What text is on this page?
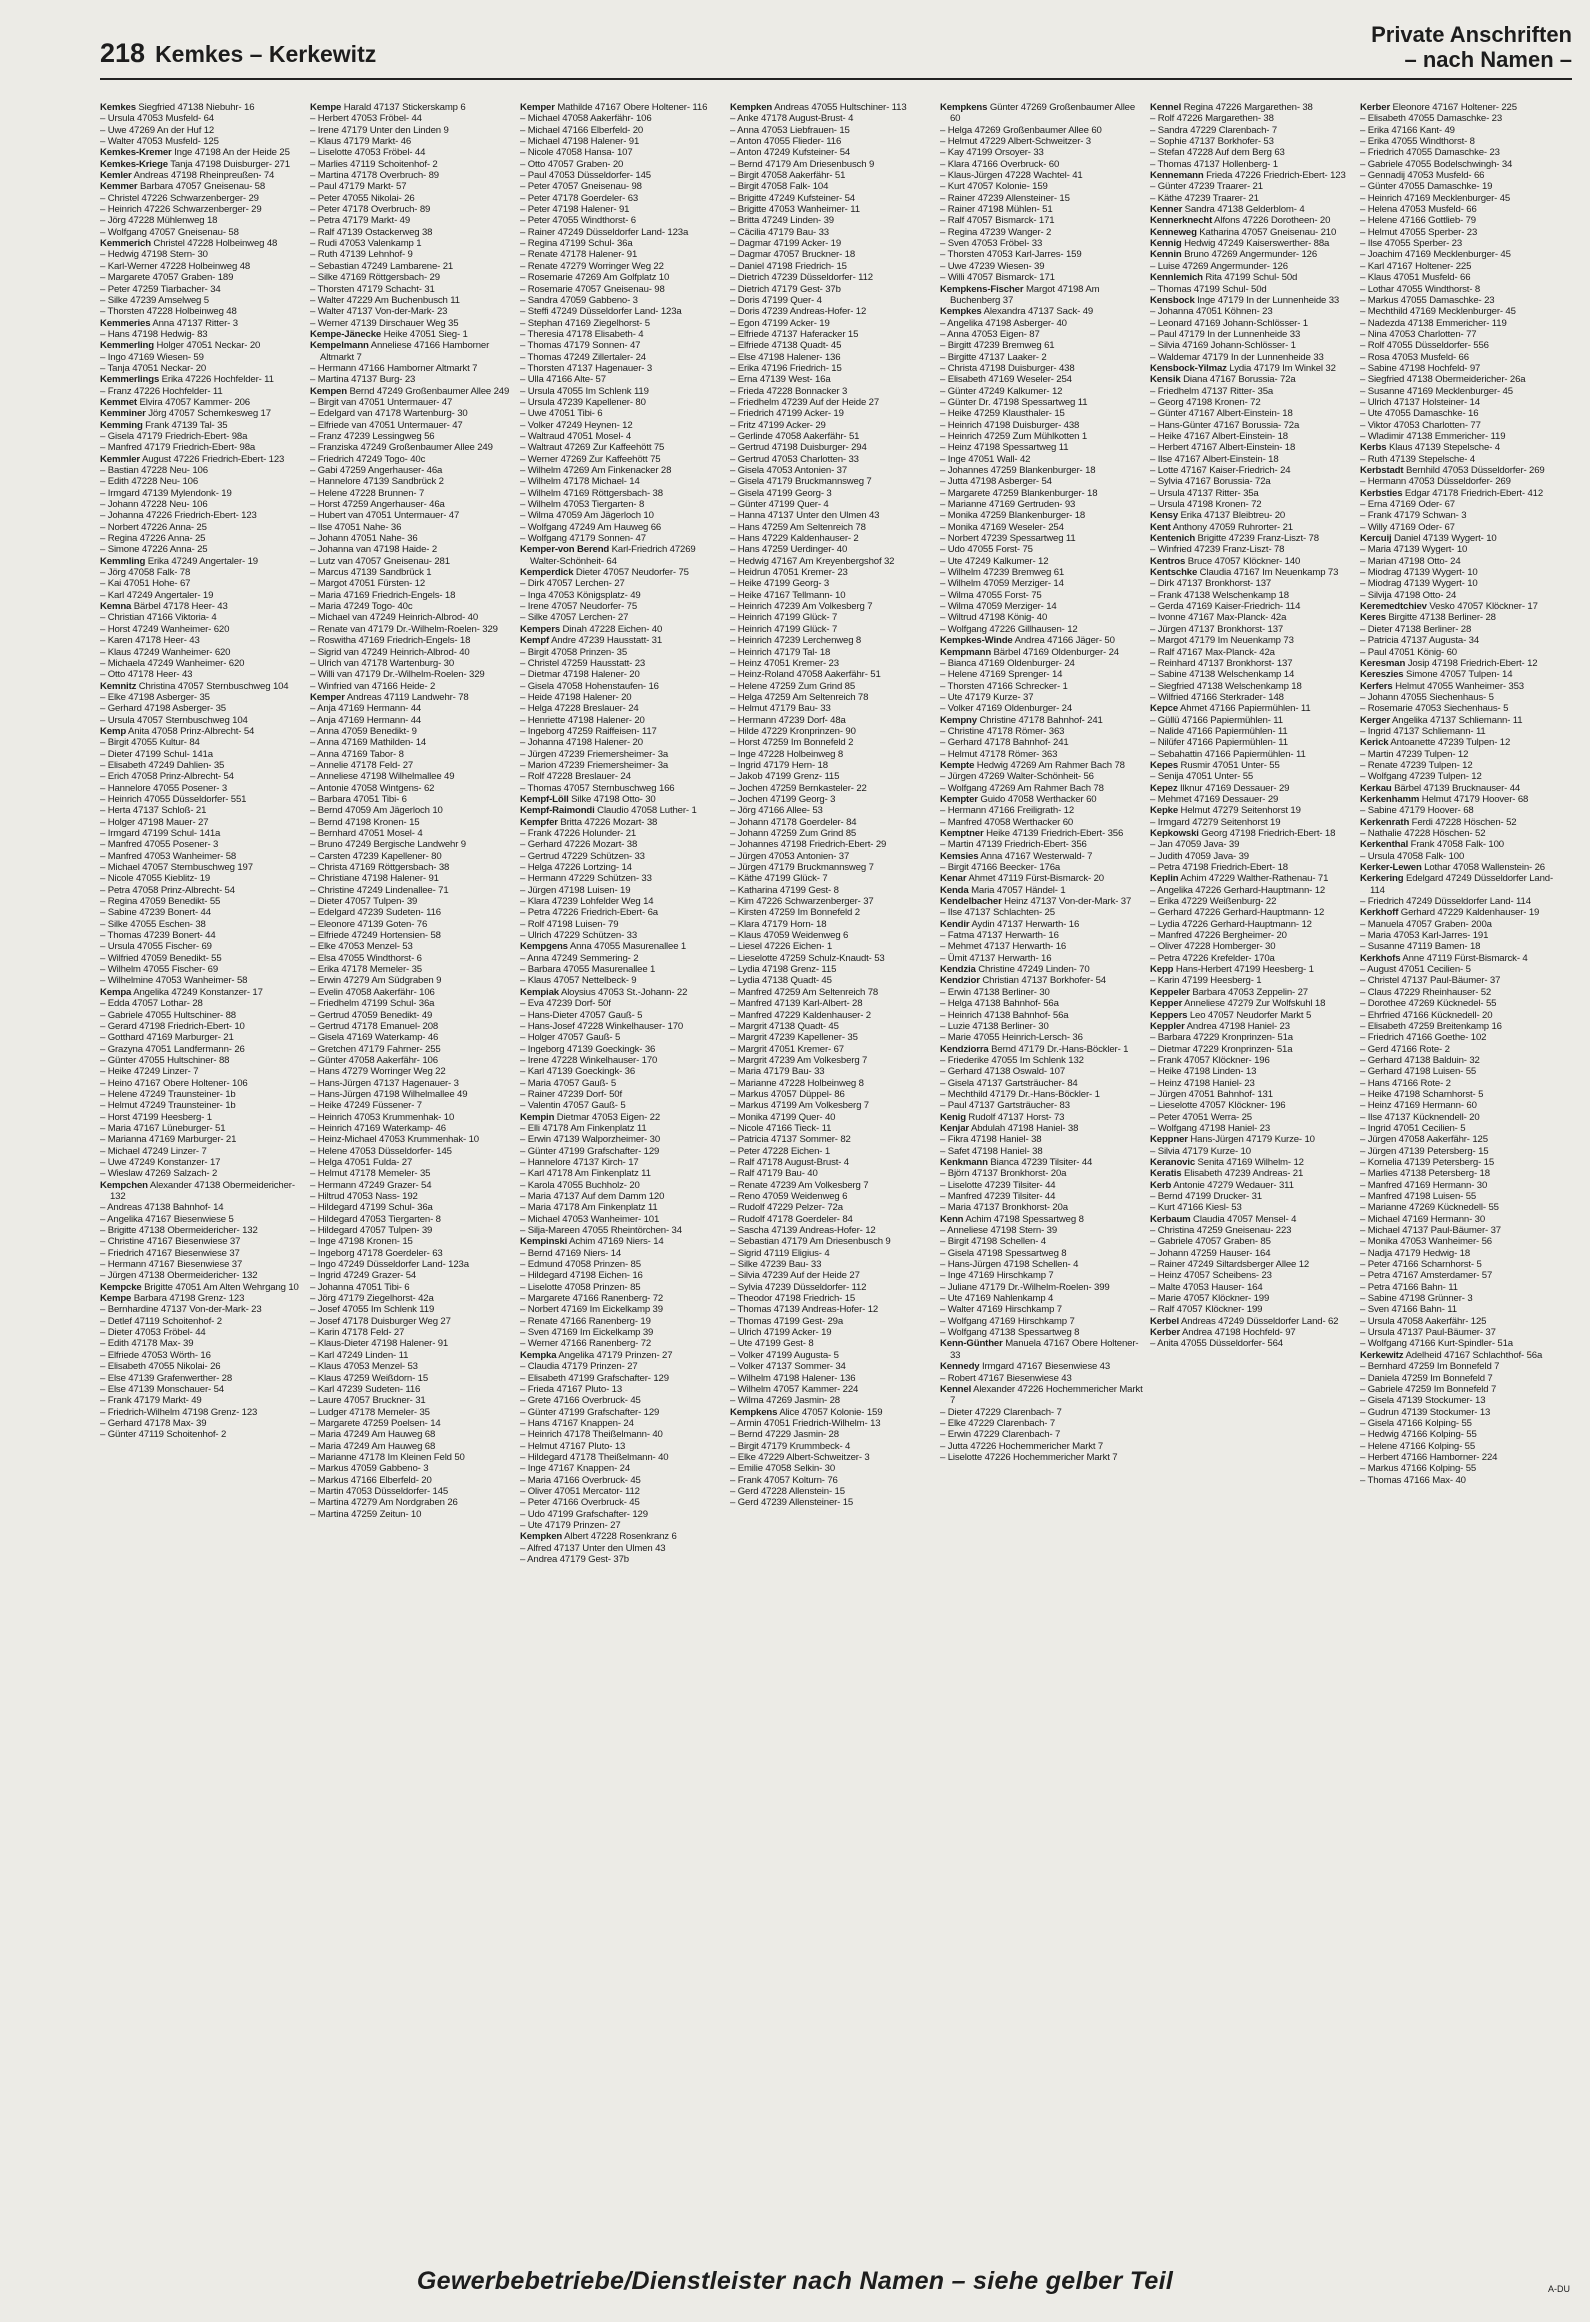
218 Kemkes – Kerkewitz
Private Anschriften
– nach Namen –

Kemkes Siegfried 47138 Niebuhr- 16

– Ursula 47053 Musfeld- 64

– Uwe 47269 An der Huf 12

– Walter 47053 Musfeld- 125

Kemkes-Kremer Inge 47198 An der Heide 25

Kemkes-Kriege Tanja 47198 Duisburger- 271

Kemler Andreas 47198 Rheinpreußen- 74

Kemmer Barbara 47057 Gneisenau- 58

– Christel 47226 Schwarzenberger- 29

– Heinrich 47226 Schwarzenberger- 29

– Jörg 47228 Mühlenweg 18

– Wolfgang 47057 Gneisenau- 58

Kemmerich Christel 47228 Holbeinweg 48

– Hedwig 47198 Stern- 30

– Karl-Werner 47228 Holbeinweg 48

– Margarete 47057 Graben- 189

– Peter 47259 Tiarbacher- 34

– Silke 47239 Amselweg 5

– Thorsten 47228 Holbeinweg 48

Kemmeries Anna 47137 Ritter- 3

– Hans 47198 Hedwig- 83

Kemmerling Holger 47051 Neckar- 20

– Ingo 47169 Wiesen- 59

– Tanja 47051 Neckar- 20

Kemmerlings Erika 47226 Hochfelder- 11

– Franz 47226 Hochfelder- 11

Kemmet Elvira 47057 Kammer- 206

Kemminer Jörg 47057 Schemkesweg 17

Kemming Frank 47139 Tal- 35

– Gisela 47179 Friedrich-Ebert- 98a

– Manfred 47179 Friedrich-Ebert- 98a

Kemmler August 47226 Friedrich-Ebert- 123

– Bastian 47228 Neu- 106

– Edith 47228 Neu- 106

– Irmgard 47139 Mylendonk- 19

– Johann 47228 Neu- 106

– Johanna 47226 Friedrich-Ebert- 123

– Norbert 47226 Anna- 25

– Regina 47226 Anna- 25

– Simone 47226 Anna- 25

Kemmling Erika 47249 Angertaler- 19

– Jörg 47058 Falk- 78

– Kai 47051 Hohe- 67

– Karl 47249 Angertaler- 19

Kemna Bärbel 47178 Heer- 43

– Christian 47166 Viktoria- 4

– Horst 47249 Wanheimer- 620

– Karen 47178 Heer- 43

– Klaus 47249 Wanheimer- 620

– Michaela 47249 Wanheimer- 620

– Otto 47178 Heer- 43

Kemnitz Christina 47057 Sternbuschweg 104

– Elke 47198 Asberger- 35

– Gerhard 47198 Asberger- 35

– Ursula 47057 Sternbuschweg 104

Kemp Anita 47058 Prinz-Albrecht- 54

– Birgit 47055 Kultur- 84

– Dieter 47199 Schul- 141a

– Elisabeth 47249 Dahlien- 35

– Erich 47058 Prinz-Albrecht- 54

– Hannelore 47055 Posener- 3

– Heinrich 47055 Düsseldorfer- 551

– Herta 47137 Schloß- 21

– Holger 47198 Mauer- 27

– Irmgard 47199 Schul- 141a

– Manfred 47055 Posener- 3

– Manfred 47053 Wanheimer- 58

– Michael 47057 Sternbuschweg 197

– Nicole 47055 Kieblitz- 19

– Petra 47058 Prinz-Albrecht- 54

– Regina 47059 Benedikt- 55

– Sabine 47239 Bonert- 44

– Silke 47055 Eschen- 38

– Thomas 47239 Bonert- 44

– Ursula 47055 Fischer- 69

– Wilfried 47059 Benedikt- 55

– Wilhelm 47055 Fischer- 69

– Wilhelmine 47053 Wanheimer- 58

Kempa Angelika 47249 Konstanzer- 17

– Edda 47057 Lothar- 28

– Gabriele 47055 Hultschiner- 88

– Gerard 47198 Friedrich-Ebert- 10

– Gotthard 47169 Marburger- 21

– Grazyna 47051 Landfermann- 26

– Günter 47055 Hultschiner- 88

– Heike 47249 Linzer- 7

– Heino 47167 Obere Holtener- 106

– Helene 47249 Traunsteiner- 1b

– Helmut 47249 Traunsteiner- 1b

– Horst 47199 Heesberg- 1

– Maria 47167 Lüneburger- 51

– Marianna 47169 Marburger- 21

– Michael 47249 Linzer- 7

– Uwe 47249 Konstanzer- 17

– Wieslaw 47269 Salzach- 2

Kempchen Alexander 47138 Obermeidericher- 132

– Andreas 47138 Bahnhof- 14

– Angelika 47167 Biesenwiese 5

– Brigitte 47138 Obermeidericher- 132

– Christine 47167 Biesenwiese 37

– Friedrich 47167 Biesenwiese 37

– Hermann 47167 Biesenwiese 37

– Jürgen 47138 Obermeidericher- 132

Kempcke Brigitte 47051 Am Alten Wehrgang 10

Kempe Barbara 47198 Grenz- 123

– Bernhardine 47137 Von-der-Mark- 23

– Detlef 47119 Schoitenhof- 2

– Dieter 47053 Fröbel- 44

– Edith 47178 Max- 39

– Elfriede 47053 Wörth- 16

– Elisabeth 47055 Nikolai- 26

– Else 47139 Grafenwerther- 28

– Else 47139 Monschauer- 54

– Frank 47179 Markt- 49

– Friedrich-Wilhelm 47198 Grenz- 123

– Gerhard 47178 Max- 39

– Günter 47119 Schoitenhof- 2

Kempe Harald 47137 Stickerskamp 6

– Herbert 47053 Fröbel- 44

– Irene 47179 Unter den Linden 9

– Klaus 47179 Markt- 46

– Liselotte 47053 Fröbel- 44

– Marlies 47119 Schoitenhof- 2

– Martina 47178 Overbruch- 89

– Paul 47179 Markt- 57

– Peter 47055 Nikolai- 26

– Peter 47178 Overbruch- 89

– Petra 47179 Markt- 49

– Ralf 47139 Ostackerweg 38

– Rudi 47053 Valenkamp 1

– Ruth 47139 Lehnhof- 9

– Sebastian 47249 Lambarene- 21

– Silke 47169 Röttgersbach- 29

– Thorsten 47179 Schacht- 31

– Walter 47229 Am Buchenbusch 11

– Walter 47137 Von-der-Mark- 23

– Werner 47139 Dirschauer Weg 35

Kempe-Jänecke Heike 47051 Sieg- 1

Kempelmann Anneliese 47166 Hamborner Altmarkt 7

– Hermann 47166 Hamborner Altmarkt 7

– Martina 47137 Burg- 23

Kempen Bernd 47249 Großenbaumer Allee 249

– Birgit van 47051 Untermauer- 47

– Edelgard van 47178 Wartenburg- 30

– Elfriede van 47051 Untermauer- 47

– Franz 47239 Lessingweg 56

– Franziska 47249 Großenbaumer Allee 249

– Friedrich 47249 Togo- 40c

– Gabi 47259 Angerhauser- 46a

– Hannelore 47139 Sandbrück 2

– Helene 47228 Brunnen- 7

– Horst 47259 Angerhauser- 46a

– Hubert van 47051 Untermauer- 47

– Ilse 47051 Nahe- 36

– Johann 47051 Nahe- 36

– Johanna van 47198 Haide- 2

– Lutz van 47057 Gneisenau- 281

– Marcus 47139 Sandbrück 1

– Margot 47051 Fürsten- 12

– Maria 47169 Friedrich-Engels- 18

– Maria 47249 Togo- 40c

– Michael van 47249 Heinrich-Albrod- 40

– Renate van 47179 Dr.-Wilhelm-Roelen- 329

– Roswitha 47169 Friedrich-Engels- 18

– Sigrid van 47249 Heinrich-Albrod- 40

– Ulrich van 47178 Wartenburg- 30

– Willi van 47179 Dr.-Wilhelm-Roelen- 329

– Winfried van 47166 Heide- 2

Kemper Andreas 47119 Landwehr- 78

– Anja 47169 Hermann- 44

– Anja 47169 Hermann- 44

– Anna 47059 Benedikt- 9

– Anna 47169 Mathilden- 14

– Anna 47169 Tabor- 8

– Annelie 47178 Feld- 27

– Anneliese 47198 Wilhelmallee 49

– Antonie 47058 Wintgens- 62

– Barbara 47051 Tibi- 6

– Bernd 47059 Am Jägerloch 10

– Bernd 47198 Kronen- 15

– Bernhard 47051 Mosel- 4

– Bruno 47249 Bergische Landwehr 9

– Carsten 47239 Kapellener- 80

– Christa 47169 Röttgersbach- 38

– Christiane 47198 Halener- 91

– Christine 47249 Lindenallee- 71

– Dieter 47057 Tulpen- 39

– Edelgard 47239 Sudeten- 116

– Eleonore 47139 Goten- 76

– Elfriede 47249 Hortensien- 58

– Elke 47053 Menzel- 53

– Elsa 47055 Windthorst- 6

– Erika 47178 Memeler- 35

– Erwin 47279 Am Südgraben 9

– Evelin 47058 Aakerfähr- 106

– Friedhelm 47199 Schul- 36a

– Gertrud 47059 Benedikt- 49

– Gertrud 47178 Emanuel- 208

– Gisela 47169 Waterkamp- 46

– Gretchen 47179 Fahrner- 255

– Günter 47058 Aakerfähr- 106

– Hans 47279 Worringer Weg 22

– Hans-Jürgen 47137 Hagenauer- 3

– Hans-Jürgen 47198 Wilhelmallee 49

– Heike 47249 Füssener- 7

– Heinrich 47053 Krummenhak- 10

– Heinrich 47169 Waterkamp- 46

– Heinz-Michael 47053 Krummenhak- 10

– Helene 47053 Düsseldorfer- 145

– Helga 47051 Fulda- 27

– Helmut 47178 Memeler- 35

– Hermann 47249 Grazer- 54

– Hiltrud 47053 Nass- 192

– Hildegard 47199 Schul- 36a

– Hildegard 47053 Tiergarten- 8

– Hildegard 47057 Tulpen- 39

– Inge 47198 Kronen- 15

– Ingeborg 47178 Goerdeler- 63

– Ingo 47249 Düsseldorfer Land- 123a

– Ingrid 47249 Grazer- 54

– Johanna 47051 Tibi- 6

– Jörg 47179 Ziegelhorst- 42a

– Josef 47055 Im Schlenk 119

– Josef 47178 Duisburger Weg 27

– Karin 47178 Feld- 27

– Klaus-Dieter 47198 Halener- 91

– Karl 47249 Linden- 11

– Klaus 47053 Menzel- 53

– Klaus 47259 Weißdorn- 15

– Karl 47239 Sudeten- 116

– Laure 47057 Bruckner- 31

– Ludger 47178 Memeler- 35

– Margarete 47259 Poelsen- 14

– Maria 47249 Am Hauweg 68

– Maria 47249 Am Hauweg 68

– Marianne 47178 Im Kleinen Feld 50

– Markus 47059 Gabbeno- 3

– Markus 47166 Elberfeld- 20

– Martin 47053 Düsseldorfer- 145

– Martina 47279 Am Nordgraben 26

– Martina 47259 Zeitun- 10

Kemper Mathilde 47167 Obere Holtener- 116

– Michael 47058 Aakerfähr- 106

– Michael 47166 Elberfeld- 20

– Michael 47198 Halener- 91

– Nicole 47058 Hansa- 107

– Otto 47057 Graben- 20

– Paul 47053 Düsseldorfer- 145

– Peter 47057 Gneisenau- 98

– Peter 47178 Goerdeler- 63

– Peter 47198 Halener- 91

– Peter 47055 Windthorst- 6

– Rainer 47249 Düsseldorfer Land- 123a

– Regina 47199 Schul- 36a

– Renate 47178 Halener- 91

– Renate 47279 Worringer Weg 22

– Rosemarie 47269 Am Golfplatz 10

– Rosemarie 47057 Gneisenau- 98

– Sandra 47059 Gabbeno- 3

– Steffi 47249 Düsseldorfer Land- 123a

– Stephan 47169 Ziegelhorst- 5

– Theresia 47178 Elisabeth- 4

– Thomas 47179 Sonnen- 47

– Thomas 47249 Zillertaler- 24

– Thorsten 47137 Hagenauer- 3

– Ulla 47166 Alte- 57

– Ursula 47055 Im Schlenk 119

– Ursula 47239 Kapellener- 80

– Uwe 47051 Tibi- 6

– Volker 47249 Heynen- 12

– Waltraud 47051 Mosel- 4

– Waltraut 47269 Zur Kaffeehött 75

– Werner 47269 Zur Kaffeehött 75

– Wilhelm 47269 Am Finkenacker 28

– Wilhelm 47178 Michael- 14

– Wilhelm 47169 Röttgersbach- 38

– Wilhelm 47053 Tiergarten- 8

– Wilma 47059 Am Jägerloch 10

– Wolfgang 47249 Am Hauweg 66

– Wolfgang 47179 Sonnen- 47

Kemper-von Berend Karl-Friedrich 47269 Walter-Schönheit- 64

Kemperdick Dieter 47057 Neudorfer- 75

– Dirk 47057 Lerchen- 27

– Inga 47053 Königsplatz- 49

– Irene 47057 Neudorfer- 75

– Silke 47057 Lerchen- 27

Kempers Dinah 47228 Eichen- 40

Kempf Andre 47239 Hausstatt- 31

– Birgit 47058 Prinzen- 35

– Christel 47259 Hausstatt- 23

– Dietmar 47198 Halener- 20

– Gisela 47058 Hohenstaufen- 16

– Heide 47198 Halener- 20

– Helga 47228 Breslauer- 24

– Henriette 47198 Halener- 20

– Ingeborg 47259 Raiffeisen- 117

– Johanna 47198 Halener- 20

– Jürgen 47239 Friemersheimer- 3a

– Marion 47239 Friemersheimer- 3a

– Rolf 47228 Breslauer- 24

– Thomas 47057 Sternbuschweg 166

Kempf-Löll Silke 47198 Otto- 30

Kempf-Raimondi Claudio 47058 Luther- 1

Kempfer Britta 47226 Mozart- 38

– Frank 47226 Holunder- 21

– Gerhard 47226 Mozart- 38

– Gertrud 47229 Schützen- 33

– Helga 47226 Lortzing- 14

– Hermann 47229 Schützen- 33

– Jürgen 47198 Luisen- 19

– Klara 47239 Lohfelder Weg 14

– Petra 47226 Friedrich-Ebert- 6a

– Rolf 47198 Luisen- 79

– Ulrich 47229 Schützen- 33

Kempgens Anna 47055 Masurenallee 1

– Anna 47249 Semmering- 2

– Barbara 47055 Masurenallee 1

– Klaus 47057 Nettelbeck- 9

Kempiak Aloysius 47053 St.-Johann- 22

– Eva 47239 Dorf- 50f

– Hans-Dieter 47057 Gauß- 5

– Hans-Josef 47228 Winkelhauser- 170

– Holger 47057 Gauß- 5

– Ingeborg 47139 Goeckingk- 36

– Irene 47228 Winkelhauser- 170

– Karl 47139 Goeckingk- 36

– Maria 47057 Gauß- 5

– Rainer 47239 Dorf- 50f

– Valentin 47057 Gauß- 5

Kempin Dietmar 47053 Eigen- 22

– Elli 47178 Am Finkenplatz 11

– Erwin 47139 Walporzheimer- 30

– Günter 47199 Grafschafter- 129

– Hannelore 47137 Kirch- 17

– Karl 47178 Am Finkenplatz 11

– Karola 47055 Buchholz- 20

– Maria 47137 Auf dem Damm 120

– Maria 47178 Am Finkenplatz 11

– Michael 47053 Wanheimer- 101

– Silja-Mareen 47055 Rheintörchen- 34

Kempinski Achim 47169 Niers- 14

– Bernd 47169 Niers- 14

– Edmund 47058 Prinzen- 85

– Hildegard 47198 Eichen- 16

– Liselotte 47058 Prinzen- 85

– Margarete 47166 Ranenberg- 72

– Norbert 47169 Im Eickelkamp 39

– Renate 47166 Ranenberg- 19

– Sven 47169 Im Eickelkamp 39

– Werner 47166 Ranenberg- 72

Kempka Angelika 47179 Prinzen- 27

– Claudia 47179 Prinzen- 27

– Elisabeth 47199 Grafschafter- 129

– Frieda 47167 Pluto- 13

– Grete 47166 Overbruck- 45

– Günter 47199 Grafschafter- 129

– Hans 47167 Knappen- 24

– Heinrich 47178 Theißelmann- 40

– Helmut 47167 Pluto- 13

– Hildegard 47178 Theißelmann- 40

– Inge 47167 Knappen- 24

– Maria 47166 Overbruck- 45

– Oliver 47051 Mercator- 112

– Peter 47166 Overbruck- 45

– Udo 47199 Grafschafter- 129

– Ute 47179 Prinzen- 27

Kempken Albert 47228 Rosenkranz 6

– Alfred 47137 Unter den Ulmen 43

– Andrea 47179 Gest- 37b

Kempken Andreas 47055 Hultschiner- 113

– Anke 47178 August-Brust- 4

– Anna 47053 Liebfrauen- 15

– Anton 47055 Flieder- 116

– Anton 47249 Kufsteiner- 54

– Bernd 47179 Am Driesenbusch 9

– Birgit 47058 Aakerfähr- 51

– Birgit 47058 Falk- 104

– Brigitte 47249 Kufsteiner- 54

– Brigitte 47053 Wanheimer- 11

– Britta 47249 Linden- 39

– Cäcilia 47179 Bau- 33

– Dagmar 47199 Acker- 19

– Dagmar 47057 Bruckner- 18

– Daniel 47198 Friedrich- 15

– Dietrich 47239 Düsseldorfer- 112

– Dietrich 47179 Gest- 37b

– Doris 47199 Quer- 4

– Doris 47239 Andreas-Hofer- 12

– Egon 47199 Acker- 19

– Elfriede 47137 Haferacker 15

– Elfriede 47138 Quadt- 45

– Else 47198 Halener- 136

– Erika 47196 Friedrich- 15

– Erna 47139 West- 16a

– Frieda 47228 Bonnacker 3

– Friedhelm 47239 Auf der Heide 27

– Friedrich 47199 Acker- 19

– Fritz 47199 Acker- 29

– Gerlinde 47058 Aakerfähr- 51

– Gertrud 47198 Duisburger- 294

– Gertrud 47053 Charlotten- 33

– Gisela 47053 Antonien- 37

– Gisela 47179 Bruckmannsweg 7

– Gisela 47199 Georg- 3

– Günter 47199 Quer- 4

– Hanna 47137 Unter den Ulmen 43

– Hans 47259 Am Seltenreich 78

– Hans 47229 Kaldenhauser- 2

– Hans 47259 Uerdinger- 40

– Hedwig 47167 Am Kreyenbergshof 32

– Heidrun 47051 Kremer- 23

– Heike 47199 Georg- 3

– Heike 47167 Tellmann- 10

– Heinrich 47239 Am Volkesberg 7

– Heinrich 47199 Glück- 7

– Heinrich 47199 Glück- 7

– Heinrich 47239 Lerchenweg 8

– Heinrich 47179 Tal- 18

– Heinz 47051 Kremer- 23

– Heinz-Roland 47058 Aakerfähr- 51

– Helene 47259 Zum Grind 85

– Helga 47259 Am Seltenreich 78

– Helmut 47179 Bau- 33

– Hermann 47239 Dorf- 48a

– Hilde 47229 Kronprinzen- 90

– Horst 47259 Im Bonnefeld 2

– Inge 47228 Holbeinweg 8

– Ingrid 47179 Hern- 18

– Jakob 47199 Grenz- 115

– Jochen 47259 Bernkasteler- 22

– Jochen 47199 Georg- 3

– Jörg 47166 Allee- 53

– Johann 47178 Goerdeler- 84

– Johann 47259 Zum Grind 85

– Johannes 47198 Friedrich-Ebert- 29

– Jürgen 47053 Antonien- 37

– Jürgen 47179 Bruckmannsweg 7

– Käthe 47199 Glück- 7

– Katharina 47199 Gest- 8

– Kim 47226 Schwarzenberger- 37

– Kirsten 47259 Im Bonnefeld 2

– Klara 47179 Horn- 18

– Klaus 47059 Weidenweg 6

– Liesel 47226 Eichen- 1

– Lieselotte 47259 Schulz-Knaudt- 53

– Lydia 47198 Grenz- 115

– Lydia 47138 Quadt- 45

– Manfred 47259 Am Seltenreich 78

– Manfred 47139 Karl-Albert- 28

– Manfred 47229 Kaldenhauser- 2

– Margrit 47138 Quadt- 45

– Margrit 47239 Kapellener- 35

– Margrit 47051 Kremer- 67

– Margrit 47239 Am Volkesberg 7

– Maria 47179 Bau- 33

– Marianne 47228 Holbeinweg 8

– Markus 47057 Düppel- 86

– Markus 47199 Am Volkesberg 7

– Monika 47199 Quer- 40

– Nicole 47166 Tieck- 11

– Patricia 47137 Sommer- 82

– Peter 47228 Eichen- 1

– Ralf 47178 August-Brust- 4

– Ralf 47179 Bau- 40

– Renate 47239 Am Volkesberg 7

– Reno 47059 Weidenweg 6

– Rudolf 47229 Pelzer- 72a

– Rudolf 47178 Goerdeler- 84

– Sascha 47139 Andreas-Hofer- 12

– Sebastian 47179 Am Driesenbusch 9

– Sigrid 47119 Eligius- 4

– Silke 47239 Bau- 33

– Silvia 47239 Auf der Heide 27

– Sylvia 47239 Düsseldorfer- 112

– Theodor 47198 Friedrich- 15

– Thomas 47139 Andreas-Hofer- 12

– Thomas 47199 Gest- 29a

– Ulrich 47199 Acker- 19

– Ute 47199 Gest- 8

– Volker 47199 Augusta- 5

– Volker 47137 Sommer- 34

– Wilhelm 47198 Halener- 136

– Wilhelm 47057 Kammer- 224

– Wilma 47269 Jasmin- 28

Kempkens Alice 47057 Kolonie- 159

– Armin 47051 Friedrich-Wilhelm- 13

– Bernd 47229 Jasmin- 28

– Birgit 47179 Krummbeck- 4

– Elke 47229 Albert-Schweitzer- 3

– Emilie 47058 Selkin- 30

– Frank 47057 Kolturn- 76

– Gerd 47228 Allenstein- 15

– Gerd 47239 Allensteiner- 15

Kempkens Günter 47269 Großenbaumer Allee 60

– Helga 47269 Großenbaumer Allee 60

– Helmut 47229 Albert-Schweitzer- 3

– Kay 47199 Orsoyer- 33

– Klara 47166 Overbruck- 60

– Klaus-Jürgen 47228 Wachtel- 41

– Kurt 47057 Kolonie- 159

– Rainer 47239 Allensteiner- 15

– Rainer 47198 Mühlen- 51

– Ralf 47057 Bismarck- 171

– Regina 47239 Wanger- 2

– Sven 47053 Fröbel- 33

– Thorsten 47053 Karl-Jarres- 159

– Uwe 47239 Wiesen- 39

– Willi 47057 Bismarck- 171

Kempkens-Fischer Margot 47198 Am Buchenberg 37

Kempkes Alexandra 47137 Sack- 49

– Angelika 47198 Asberger- 40

– Anna 47053 Eigen- 87

– Birgitt 47239 Bremweg 61

– Birgitte 47137 Laaker- 2

– Christa 47198 Duisburger- 438

– Elisabeth 47169 Weseler- 254

– Günter 47249 Kalkumer- 12

– Günter Dr. 47198 Spessartweg 11

– Heike 47259 Klausthaler- 15

– Heinrich 47198 Duisburger- 438

– Heinrich 47259 Zum Mühlkotten 1

– Heinz 47198 Spessartweg 11

– Inge 47051 Wall- 42

– Johannes 47259 Blankenburger- 18

– Jutta 47198 Asberger- 54

– Margarete 47259 Blankenburger- 18

– Marianne 47169 Gertruden- 93

– Monika 47259 Blankenburger- 18

– Monika 47169 Weseler- 254

– Norbert 47239 Spessartweg 11

– Udo 47055 Forst- 75

– Ute 47249 Kalkumer- 12

– Wilhelm 47239 Bremweg 61

– Wilhelm 47059 Merziger- 14

– Wilma 47055 Forst- 75

– Wilma 47059 Merziger- 14

– Wiltrud 47198 König- 40

– Wolfgang 47226 Gillhausen- 12

Kempkes-Winde Andrea 47166 Jäger- 50

Kempmann Bärbel 47169 Oldenburger- 24

– Bianca 47169 Oldenburger- 24

– Helene 47169 Sprenger- 14

– Thorsten 47166 Schrecker- 1

– Ute 47179 Kurze- 37

– Volker 47169 Oldenburger- 24

Kempny Christine 47178 Bahnhof- 241

– Christine 47178 Römer- 363

– Gerhard 47178 Bahnhof- 241

– Helmut 47178 Römer- 363

Kempte Hedwig 47269 Am Rahmer Bach 78

– Jürgen 47269 Walter-Schönheit- 56

– Wolfgang 47269 Am Rahmer Bach 78

Kempter Guido 47058 Werthacker 60

– Hermann 47166 Freiligrath- 12

– Manfred 47058 Werthacker 60

Kemptner Heike 47139 Friedrich-Ebert- 356

– Martin 47139 Friedrich-Ebert- 356

Kemsies Anna 47167 Westerwald- 7

– Birgit 47166 Beecker- 176a

Kenar Ahmet 47119 Fürst-Bismarck- 20

Kenda Maria 47057 Händel- 1

Kendelbacher Heinz 47137 Von-der-Mark- 37

– Ilse 47137 Schlachten- 25

Kendir Aydin 47137 Herwarth- 16

– Fatma 47137 Herwarth- 16

– Mehmet 47137 Herwarth- 16

– Ümit 47137 Herwarth- 16

Kendzia Christine 47249 Linden- 70

Kendzior Christian 47137 Borkhofer- 54

– Erwin 47138 Berliner- 30

– Helga 47138 Bahnhof- 56a

– Heinrich 47138 Bahnhof- 56a

– Luzie 47138 Berliner- 30

– Marie 47055 Heinrich-Lersch- 36

Kendziorra Bernd 47179 Dr.-Hans-Böckler- 1

– Friederike 47055 Im Schlenk 132

– Gerhard 47138 Oswald- 107

– Gisela 47137 Gartsträucher- 84

– Mechthild 47179 Dr.-Hans-Böckler- 1

– Paul 47137 Gartsträucher- 83

Kenig Rudolf 47137 Horst- 73

Kenjar Abdulah 47198 Haniel- 38

– Fikra 47198 Haniel- 38

– Safet 47198 Haniel- 38

Kenkmann Bianca 47239 Tilsiter- 44

– Björn 47137 Bronkhorst- 20a

– Liselotte 47239 Tilsiter- 44

– Manfred 47239 Tilsiter- 44

– Maria 47137 Bronkhorst- 20a

Kenn Achim 47198 Spessartweg 8

– Anneliese 47198 Stern- 39

– Birgit 47198 Schellen- 4

– Gisela 47198 Spessartweg 8

– Hans-Jürgen 47198 Schellen- 4

– Inge 47169 Hirschkamp 7

– Juliane 47179 Dr.-Wilhelm-Roelen- 399

– Ute 47169 Nahlenkamp 4

– Walter 47169 Hirschkamp 7

– Wolfgang 47169 Hirschkamp 7

– Wolfgang 47138 Spessartweg 8

Kenn-Günther Manuela 47167 Obere Holtener- 33

Kennedy Irmgard 47167 Biesenwiese 43

– Robert 47167 Biesenwiese 43

Kennel Alexander 47226 Hochemmericher Markt 7

– Dieter 47229 Clarenbach- 7

– Elke 47229 Clarenbach- 7

– Erwin 47229 Clarenbach- 7

– Jutta 47226 Hochemmericher Markt 7

– Liselotte 47226 Hochemmericher Markt 7

Kennel Regina 47226 Margarethen- 38

– Rolf 47226 Margarethen- 38

– Sandra 47229 Clarenbach- 7

– Sophie 47137 Borkhofer- 53

– Stefan 47228 Auf dem Berg 63

– Thomas 47137 Hollenberg- 1

Kennemann Frieda 47226 Friedrich-Ebert- 123

– Günter 47239 Traarer- 21

– Käthe 47239 Traarer- 21

Kenner Sandra 47138 Gelderblom- 4

Kennerknecht Alfons 47226 Dorotheen- 20

Kenneweg Katharina 47057 Gneisenau- 210

Kennig Hedwig 47249 Kaiserswerther- 88a

Kennin Bruno 47269 Angermunder- 126

– Luise 47269 Angermunder- 126

Kennlemich Rita 47199 Schul- 50d

– Thomas 47199 Schul- 50d

Kensbock Inge 47179 In der Lunnenheide 33

– Johanna 47051 Köhnen- 23

– Leonard 47169 Johann-Schlösser- 1

– Paul 47179 In der Lunnenheide 33

– Silvia 47169 Johann-Schlösser- 1

– Waldemar 47179 In der Lunnenheide 33

Kensbock-Yilmaz Lydia 47179 Im Winkel 32

Kensik Diana 47167 Borussia- 72a

– Friedhelm 47137 Ritter- 35a

– Georg 47198 Kronen- 72

– Günter 47167 Albert-Einstein- 18

– Hans-Günter 47167 Borussia- 72a

– Heike 47167 Albert-Einstein- 18

– Herbert 47167 Albert-Einstein- 18

– Ilse 47167 Albert-Einstein- 18

– Lotte 47167 Kaiser-Friedrich- 24

– Sylvia 47167 Borussia- 72a

– Ursula 47137 Ritter- 35a

– Ursula 47198 Kronen- 72

Kensy Erika 47137 Bleibtreu- 20

Kent Anthony 47059 Ruhrorter- 21

Kentenich Brigitte 47239 Franz-Liszt- 78

– Winfried 47239 Franz-Liszt- 78

Kentros Bruce 47057 Klöckner- 140

Kentschke Claudia 47167 Im Neuenkamp 73

– Dirk 47137 Bronkhorst- 137

– Frank 47138 Welschenkamp 18

– Gerda 47169 Kaiser-Friedrich- 114

– Ivonne 47167 Max-Planck- 42a

– Jürgen 47137 Bronkhorst- 137

– Margot 47179 Im Neuenkamp 73

– Ralf 47167 Max-Planck- 42a

– Reinhard 47137 Bronkhorst- 137

– Sabine 47138 Welschenkamp 14

– Siegfried 47138 Welschenkamp 18

– Wilfried 47166 Sterkrader- 148

Kepce Ahmet 47166 Papiermühlen- 11

– Güllü 47166 Papiermühlen- 11

– Nalide 47166 Papiermühlen- 11

– Nilüfer 47166 Papiermühlen- 11

– Sebahattin 47166 Papiermühlen- 11

Kepes Rusmir 47051 Unter- 55

– Senija 47051 Unter- 55

Kepez Ilknur 47169 Dessauer- 29

– Mehmet 47169 Dessauer- 29

Kepke Helmut 47279 Seitenhorst 19

– Irmgard 47279 Seitenhorst 19

Kepkowski Georg 47198 Friedrich-Ebert- 18

– Jan 47059 Java- 39

– Judith 47059 Java- 39

– Petra 47198 Friedrich-Ebert- 18

Keplin Achim 47229 Walther-Rathenau- 71

– Angelika 47226 Gerhard-Hauptmann- 12

– Erika 47229 Weißenburg- 22

– Gerhard 47226 Gerhard-Hauptmann- 12

– Lydia 47226 Gerhard-Hauptmann- 12

– Manfred 47226 Bergheimer- 20

– Oliver 47228 Homberger- 30

– Petra 47226 Krefelder- 170a

Kepp Hans-Herbert 47199 Heesberg- 1

– Karin 47199 Heesberg- 1

Keppeler Barbara 47053 Zeppelin- 27

Kepper Anneliese 47279 Zur Wolfskuhl 18

Keppers Leo 47057 Neudorfer Markt 5

Keppler Andrea 47198 Haniel- 23

– Barbara 47229 Kronprinzen- 51a

– Dietmar 47229 Kronprinzen- 51a

– Frank 47057 Klöckner- 196

– Heike 47198 Linden- 13

– Heinz 47198 Haniel- 23

– Jürgen 47051 Bahnhof- 131

– Lieselotte 47057 Klöckner- 196

– Peter 47051 Werra- 25

– Wolfgang 47198 Haniel- 23

Keppner Hans-Jürgen 47179 Kurze- 10

– Silvia 47179 Kurze- 10

Keranovic Senita 47169 Wilhelm- 12

Keratis Elisabeth 47239 Andreas- 21

Kerb Antonie 47279 Wedauer- 311

– Bernd 47199 Drucker- 31

– Kurt 47166 Kiesl- 53

Kerbaum Claudia 47057 Mensel- 4

– Christina 47259 Gneisenau- 223

– Gabriele 47057 Graben- 85

– Johann 47259 Hauser- 164

– Rainer 47249 Siltardsberger Allee 12

– Heinz 47057 Scheibens- 23

– Malte 47053 Hauser- 164

– Marie 47057 Klöckner- 199

– Ralf 47057 Klöckner- 199

Kerbel Andreas 47249 Düsseldorfer Land- 62

Kerber Andrea 47198 Hochfeld- 97

– Anita 47055 Düsseldorfer- 564

Kerber Eleonore 47167 Holtener- 225

– Elisabeth 47055 Damaschke- 23

– Erika 47166 Kant- 49

– Erika 47055 Windthorst- 8

– Friedrich 47055 Damaschke- 23

– Gabriele 47055 Bodelschwingh- 34

– Gennadij 47053 Musfeld- 66

– Günter 47055 Damaschke- 19

– Heinrich 47169 Mecklenburger- 45

– Helena 47053 Musfeld- 66

– Helene 47166 Gottlieb- 79

– Helmut 47055 Sperber- 23

– Ilse 47055 Sperber- 23

– Joachim 47169 Mecklenburger- 45

– Karl 47167 Holtener- 225

– Klaus 47051 Musfeld- 66

– Lothar 47055 Windthorst- 8

– Markus 47055 Damaschke- 23

– Mechthild 47169 Mecklenburger- 45

– Nadezda 47138 Emmericher- 119

– Nina 47053 Charlotten- 77

– Rolf 47055 Düsseldorfer- 556

– Rosa 47053 Musfeld- 66

– Sabine 47198 Hochfeld- 97

– Siegfried 47138 Obermeidericher- 26a

– Susanne 47169 Mecklenburger- 45

– Ulrich 47137 Holsteiner- 14

– Ute 47055 Damaschke- 16

– Viktor 47053 Charlotten- 77

– Wladimir 47138 Emmericher- 119

Kerbs Klaus 47139 Stepelsche- 4

– Ruth 47139 Stepelsche- 4

Kerbstadt Bernhild 47053 Düsseldorfer- 269

– Hermann 47053 Düsseldorfer- 269

Kerbsties Edgar 47178 Friedrich-Ebert- 412

– Erna 47169 Oder- 67

– Frank 47179 Schwan- 3

– Willy 47169 Oder- 67

Kercuij Daniel 47139 Wygert- 10

– Maria 47139 Wygert- 10

– Marian 47198 Otto- 24

– Miodrag 47139 Wygert- 10

– Miodrag 47139 Wygert- 10

– Silvija 47198 Otto- 24

Keremedtchiev Vesko 47057 Klöckner- 17

Keres Birgitte 47138 Berliner- 28

– Dieter 47138 Berliner- 28

– Patricia 47137 Augusta- 34

– Paul 47051 König- 60

Keresman Josip 47198 Friedrich-Ebert- 12

Kereszies Simone 47057 Tulpen- 14

Kerfers Helmut 47055 Wanheimer- 353

– Johann 47055 Siechenhaus- 5

– Rosemarie 47053 Siechenhaus- 5

Kerger Angelika 47137 Schliemann- 11

– Ingrid 47137 Schliemann- 11

Kerick Antoanette 47239 Tulpen- 12

– Martin 47239 Tulpen- 12

– Renate 47239 Tulpen- 12

– Wolfgang 47239 Tulpen- 12

Kerkau Bärbel 47139 Brucknauser- 44

Kerkenhamm Helmut 47179 Hoover- 68

– Sabine 47179 Hoover- 68

Kerkenrath Ferdi 47228 Höschen- 52

– Nathalie 47228 Höschen- 52

Kerkenthal Frank 47058 Falk- 100

– Ursula 47058 Falk- 100

Kerker-Lewen Lothar 47058 Wallenstein- 26

Kerkering Edelgard 47249 Düsseldorfer Land- 114

– Friedrich 47249 Düsseldorfer Land- 114

Kerkhoff Gerhard 47229 Kaldenhauser- 19

– Manuela 47057 Graben- 200a

– Maria 47053 Karl-Jarres- 191

– Susanne 47119 Bamen- 18

Kerkhofs Anne 47119 Fürst-Bismarck- 4

– August 47051 Cecilien- 5

– Christel 47137 Paul-Bäumer- 37

– Claus 47229 Rheinhauser- 52

– Dorothee 47269 Kücknedel- 55

– Ehrfried 47166 Kücknedell- 20

– Elisabeth 47259 Breitenkamp 16

– Friedrich 47166 Goethe- 102

– Gerd 47166 Rote- 2

– Gerhard 47138 Balduin- 32

– Gerhard 47198 Luisen- 55

– Hans 47166 Rote- 2

– Heike 47198 Scharnhorst- 5

– Heinz 47169 Hermann- 60

– Ilse 47137 Kücknendell- 20

– Ingrid 47051 Cecilien- 5

– Jürgen 47058 Aakerfähr- 125

– Jürgen 47139 Petersberg- 15

– Kornelia 47139 Petersberg- 15

– Marlies 47138 Petersberg- 18

– Manfred 47169 Hermann- 30

– Manfred 47198 Luisen- 55

– Marianne 47269 Kücknedell- 55

– Michael 47169 Hermann- 30

– Michael 47137 Paul-Bäumer- 37

– Monika 47053 Wanheimer- 56

– Nadja 47179 Hedwig- 18

– Peter 47166 Scharnhorst- 5

– Petra 47167 Amsterdamer- 57

– Petra 47166 Bahn- 11

– Sabine 47198 Grünner- 3

– Sven 47166 Bahn- 11

– Ursula 47058 Aakerfähr- 125

– Ursula 47137 Paul-Bäumer- 37

– Wolfgang 47166 Kurt-Spindler- 51a

Kerkewitz Adelheid 47167 Schlachthof- 56a

– Bernhard 47259 Im Bonnefeld 7

– Daniela 47259 Im Bonnefeld 7

– Gabriele 47259 Im Bonnefeld 7

– Gisela 47139 Stockumer- 13

– Gudrun 47139 Stockumer- 13

– Gisela 47166 Kolping- 55

– Hedwig 47166 Kolping- 55

– Helene 47166 Kolping- 55

– Herbert 47166 Hamborner- 224

– Markus 47166 Kolping- 55

– Thomas 47166 Max- 40

Gewerbebetriebe/Dienstleister nach Namen – siehe gelber Teil	A-DU
